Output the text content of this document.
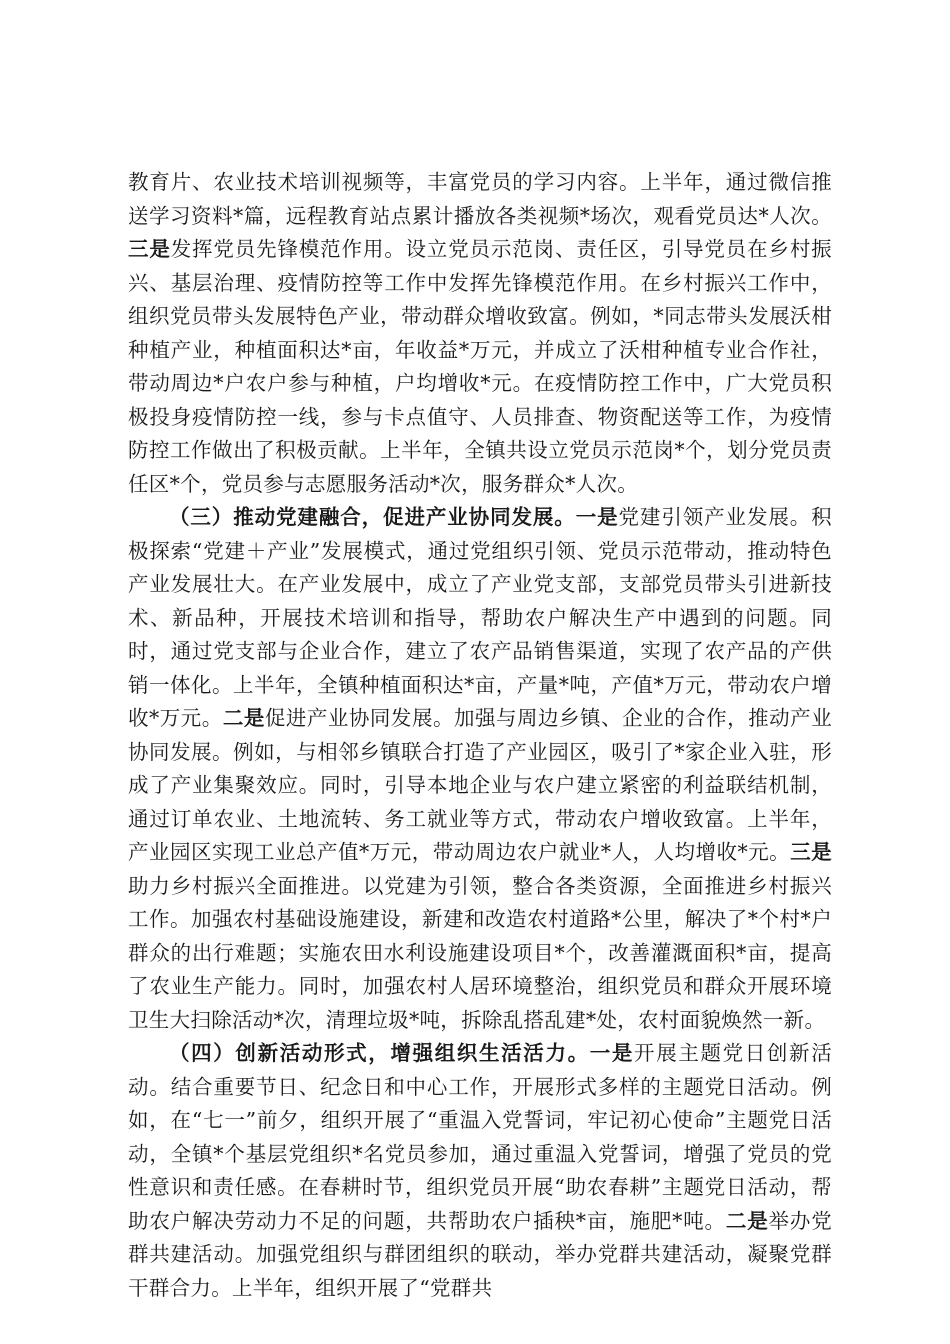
教育片、农业技术培训视频等，丰富党员的学习内容。上半年，通过微信推送学习资料*篇，远程教育站点累计播放各类视频*场次，观看党员达*人次。三是发挥党员先锋模范作用。设立党员示范岗、责任区，引导党员在乡村振兴、基层治理、疫情防控等工作中发挥先锋模范作用。在乡村振兴工作中，组织党员带头发展特色产业，带动群众增收致富。例如，*同志带头发展沃柑种植产业，种植面积达*亩，年收益*万元，并成立了沃柑种植专业合作社，带动周边*户农户参与种植，户均增收*元。在疫情防控工作中，广大党员积极投身疫情防控一线，参与卡点值守、人员排查、物资配送等工作，为疫情防控工作做出了积极贡献。上半年，全镇共设立党员示范岗*个，划分党员责任区*个，党员参与志愿服务活动*次，服务群众*人次。

（三）推动党建融合，促进产业协同发展。一是党建引领产业发展。积极探索“党建＋产业”发展模式，通过党组织引领、党员示范带动，推动特色产业发展壮大。在产业发展中，成立了产业党支部，支部党员带头引进新技术、新品种，开展技术培训和指导，帮助农户解决生产中遇到的问题。同时，通过党支部与企业合作，建立了农产品销售渠道，实现了农产品的产供销一体化。上半年，全镇种植面积达*亩，产量*吨，产值*万元，带动农户增收*万元。二是促进产业协同发展。加强与周边乡镇、企业的合作，推动产业协同发展。例如，与相邻乡镇联合打造了产业园区，吸引了*家企业入驻，形成了产业集聚效应。同时，引导本地企业与农户建立紧密的利益联结机制，通过订单农业、土地流转、务工就业等方式，带动农户增收致富。上半年，产业园区实现工业总产值*万元，带动周边农户就业*人，人均增收*元。三是助力乡村振兴全面推进。以党建为引领，整合各类资源，全面推进乡村振兴工作。加强农村基础设施建设，新建和改造农村道路*公里，解决了*个村*户群众的出行难题；实施农田水利设施建设项目*个，改善灌溉面积*亩，提高了农业生产能力。同时，加强农村人居环境整治，组织党员和群众开展环境卫生大扫除活动*次，清理垃圾*吨，拆除乱搭乱建*处，农村面貌焕然一新。

（四）创新活动形式，增强组织生活活力。一是开展主题党日创新活动。结合重要节日、纪念日和中心工作，开展形式多样的主题党日活动。例如，在“七一”前夕，组织开展了“重温入党誓词，牢记初心使命”主题党日活动，全镇*个基层党组织*名党员参加，通过重温入党誓词，增强了党员的党性意识和责任感。在春耕时节，组织党员开展“助农春耕”主题党日活动，帮助农户解决劳动力不足的问题，共帮助农户插秧*亩，施肥*吨。二是举办党群共建活动。加强党组织与群团组织的联动，举办党群共建活动，凝聚党群干群合力。上半年，组织开展了“党群共
